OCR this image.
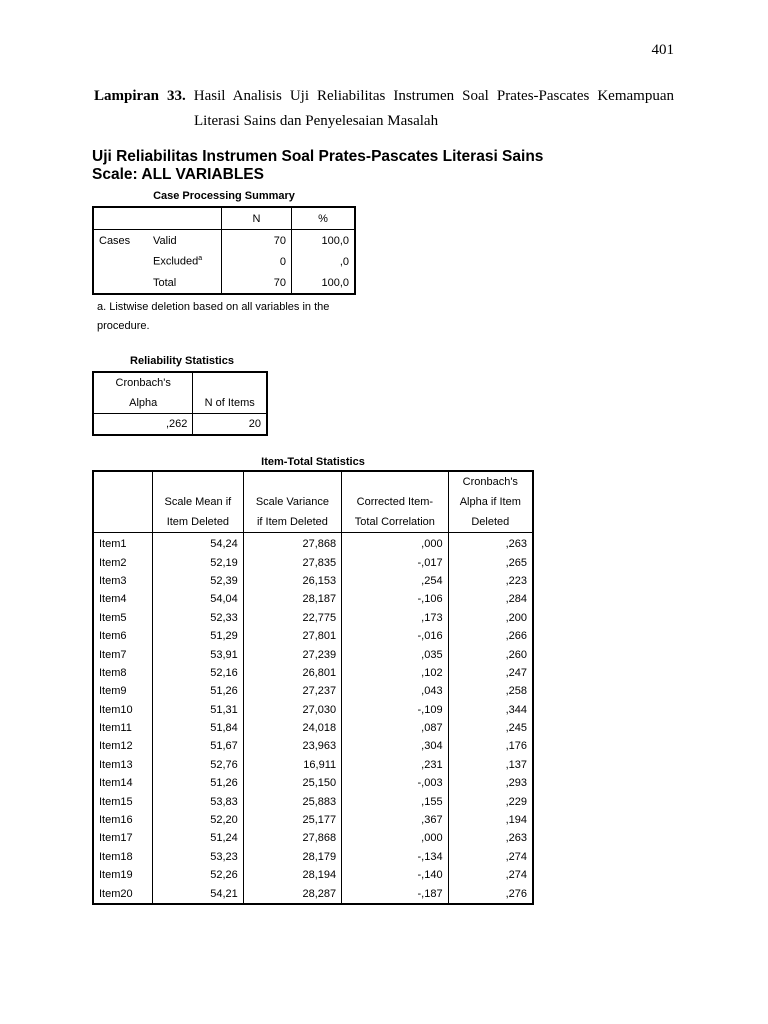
401
Lampiran 33. Hasil Analisis Uji Reliabilitas Instrumen Soal Prates-Pascates Kemampuan
Literasi Sains dan Penyelesaian Masalah
Uji Reliabilitas Instrumen Soal Prates-Pascates Literasi Sains
Scale: ALL VARIABLES
Case Processing Summary
		N	%
Cases	Valid	70	100,0
	Excluded$^a$	0	,0
	Total	70	100,0
a. Listwise deletion based on all variables in the procedure.
Reliability Statistics
Cronbach's	
Alpha	N of Items
,262	20
Item-Total Statistics
				Cronbach's
	Scale Mean if	Scale Variance	Corrected Item-	Alpha if Item
	Item Deleted	if Item Deleted	Total Correlation	Deleted
Item1	54,24	27,868	,000	,263
Item2	52,19	27,835	-,017	,265
Item3	52,39	26,153	,254	,223
Item4	54,04	28,187	-,106	,284
Item5	52,33	22,775	,173	,200
Item6	51,29	27,801	-,016	,266
Item7	53,91	27,239	,035	,260
Item8	52,16	26,801	,102	,247
Item9	51,26	27,237	,043	,258
Item10	51,31	27,030	-,109	,344
Item11	51,84	24,018	,087	,245
Item12	51,67	23,963	,304	,176
Item13	52,76	16,911	,231	,137
Item14	51,26	25,150	-,003	,293
Item15	53,83	25,883	,155	,229
Item16	52,20	25,177	,367	,194
Item17	51,24	27,868	,000	,263
Item18	53,23	28,179	-,134	,274
Item19	52,26	28,194	-,140	,274
Item20	54,21	28,287	-,187	,276
